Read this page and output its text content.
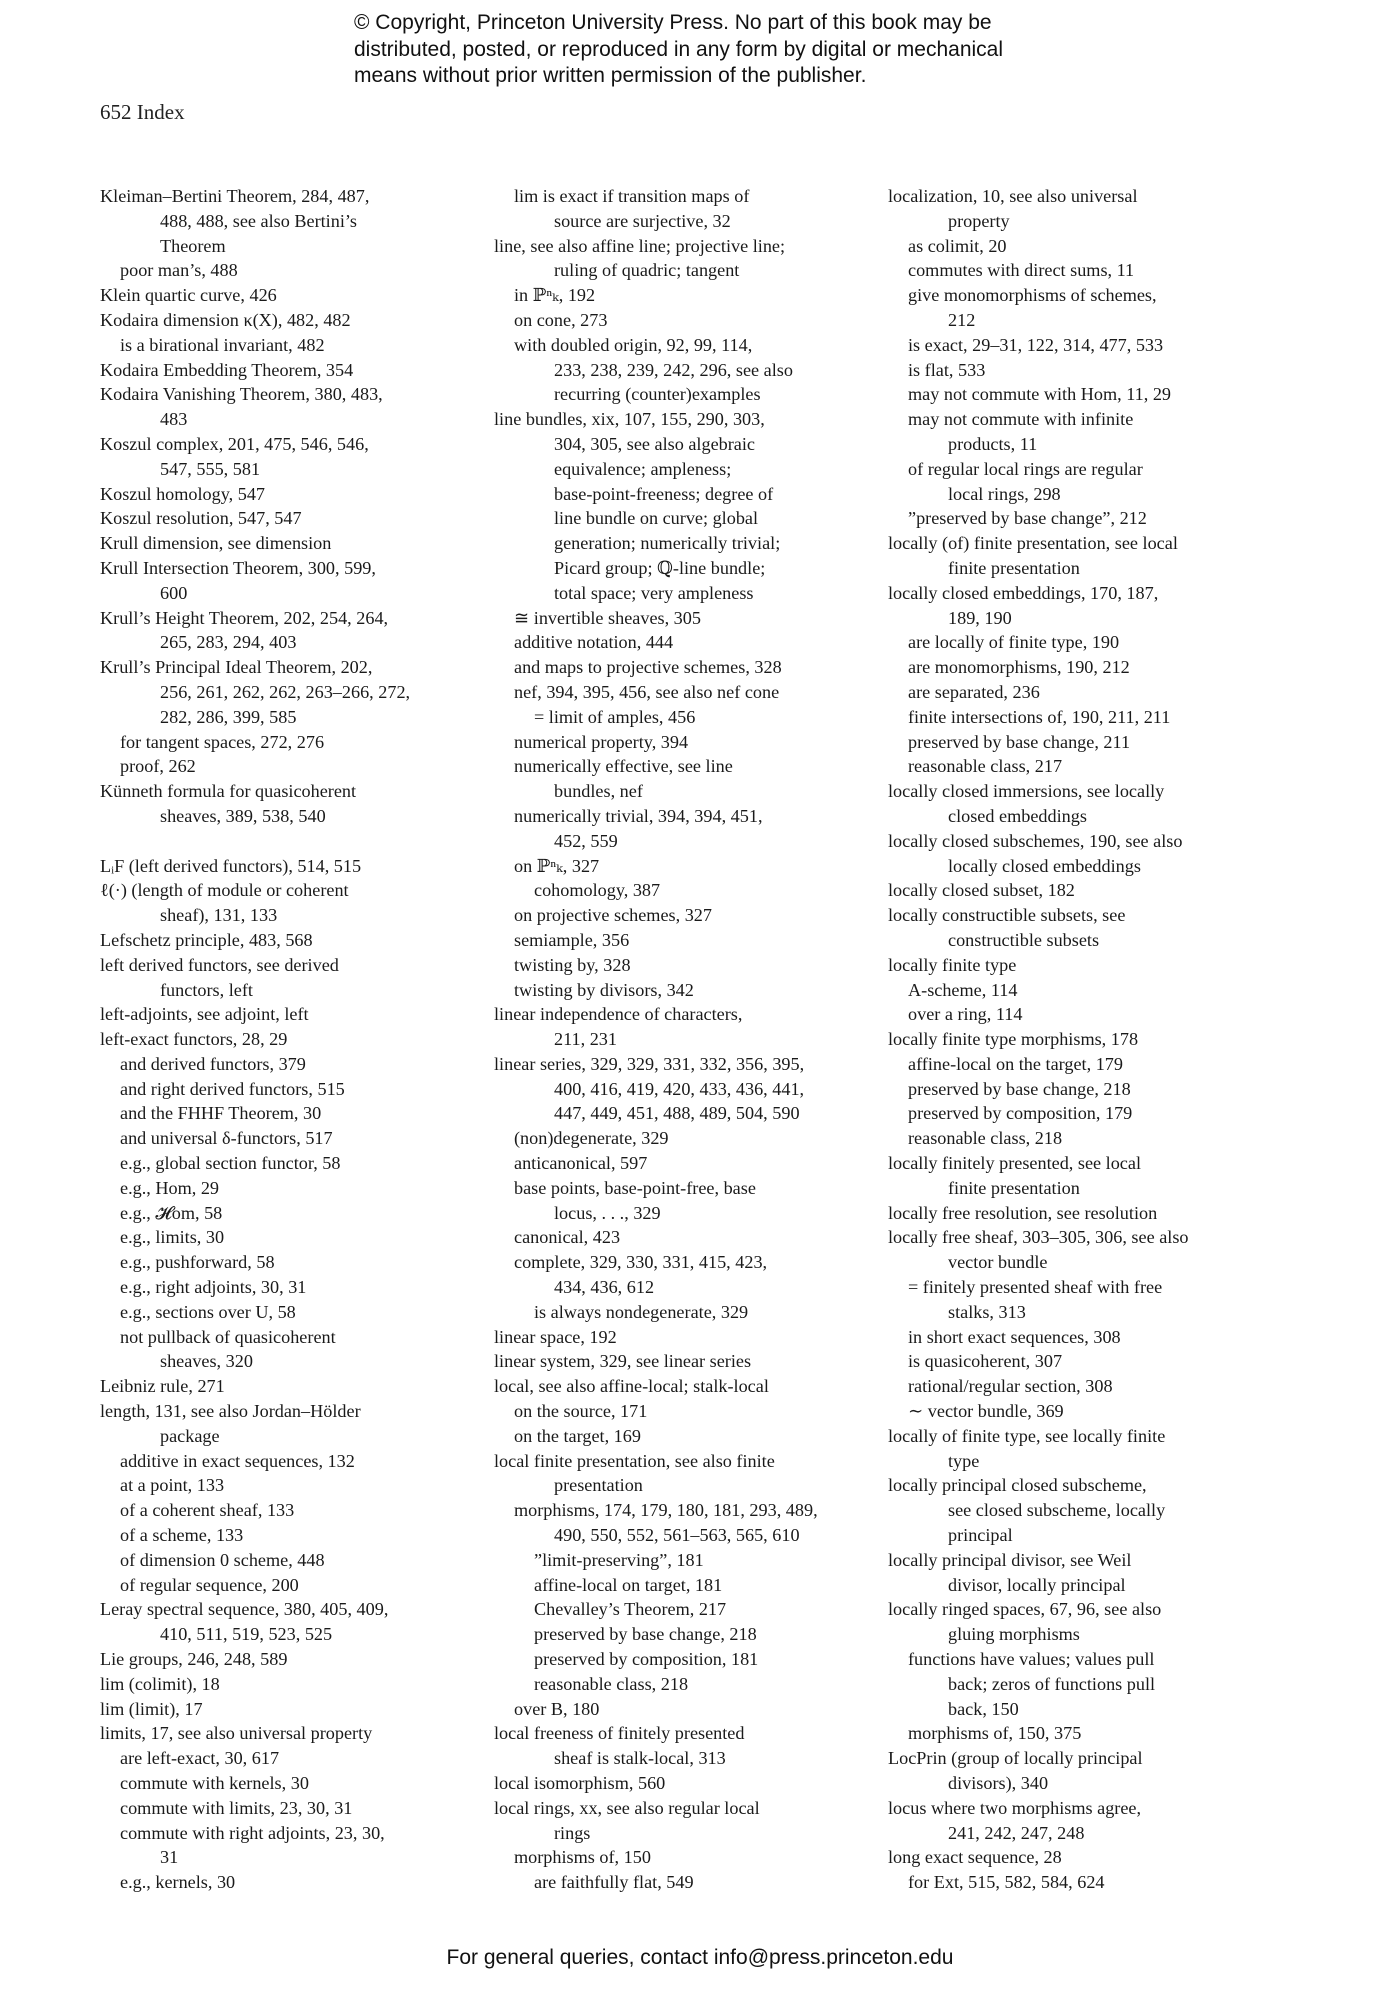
© Copyright, Princeton University Press. No part of this book may be
distributed, posted, or reproduced in any form by digital or mechanical
means without prior written permission of the publisher.
652 Index
Kleiman–Bertini Theorem, 284, 487,
488, 488, see also Bertini’s
Theorem
poor man’s, 488
Klein quartic curve, 426
Kodaira dimension κ(X), 482, 482
is a birational invariant, 482
Kodaira Embedding Theorem, 354
Kodaira Vanishing Theorem, 380, 483,
483
Koszul complex, 201, 475, 546, 546,
547, 555, 581
Koszul homology, 547
Koszul resolution, 547, 547
Krull dimension, see dimension
Krull Intersection Theorem, 300, 599,
600
Krull’s Height Theorem, 202, 254, 264,
265, 283, 294, 403
Krull’s Principal Ideal Theorem, 202,
256, 261, 262, 262, 263–266, 272,
282, 286, 399, 585
for tangent spaces, 272, 276
proof, 262
Künneth formula for quasicoherent
sheaves, 389, 538, 540
LᵢF (left derived functors), 514, 515
ℓ(·) (length of module or coherent
sheaf), 131, 133
Lefschetz principle, 483, 568
left derived functors, see derived
functors, left
left-adjoints, see adjoint, left
left-exact functors, 28, 29
and derived functors, 379
and right derived functors, 515
and the FHHF Theorem, 30
and universal δ-functors, 517
e.g., global section functor, 58
e.g., Hom, 29
e.g., 𝓗om, 58
e.g., limits, 30
e.g., pushforward, 58
e.g., right adjoints, 30, 31
e.g., sections over U, 58
not pullback of quasicoherent
sheaves, 320
Leibniz rule, 271
length, 131, see also Jordan–Hölder
package
additive in exact sequences, 132
at a point, 133
of a coherent sheaf, 133
of a scheme, 133
of dimension 0 scheme, 448
of regular sequence, 200
Leray spectral sequence, 380, 405, 409,
410, 511, 519, 523, 525
Lie groups, 246, 248, 589
lim (colimit), 18
lim (limit), 17
limits, 17, see also universal property
are left-exact, 30, 617
commute with kernels, 30
commute with limits, 23, 30, 31
commute with right adjoints, 23, 30,
31
e.g., kernels, 30
lim is exact if transition maps of
source are surjective, 32
line, see also affine line; projective line;
ruling of quadric; tangent
in ℙⁿₖ, 192
on cone, 273
with doubled origin, 92, 99, 114,
233, 238, 239, 242, 296, see also
recurring (counter)examples
line bundles, xix, 107, 155, 290, 303,
304, 305, see also algebraic
equivalence; ampleness;
base-point-freeness; degree of
line bundle on curve; global
generation; numerically trivial;
Picard group; ℚ-line bundle;
total space; very ampleness
≅ invertible sheaves, 305
additive notation, 444
and maps to projective schemes, 328
nef, 394, 395, 456, see also nef cone
= limit of amples, 456
numerical property, 394
numerically effective, see line
bundles, nef
numerically trivial, 394, 394, 451,
452, 559
on ℙⁿₖ, 327
cohomology, 387
on projective schemes, 327
semiample, 356
twisting by, 328
twisting by divisors, 342
linear independence of characters,
211, 231
linear series, 329, 329, 331, 332, 356, 395,
400, 416, 419, 420, 433, 436, 441,
447, 449, 451, 488, 489, 504, 590
(non)degenerate, 329
anticanonical, 597
base points, base-point-free, base
locus, . . ., 329
canonical, 423
complete, 329, 330, 331, 415, 423,
434, 436, 612
is always nondegenerate, 329
linear space, 192
linear system, 329, see linear series
local, see also affine-local; stalk-local
on the source, 171
on the target, 169
local finite presentation, see also finite
presentation
morphisms, 174, 179, 180, 181, 293, 489,
490, 550, 552, 561–563, 565, 610
”limit-preserving”, 181
affine-local on target, 181
Chevalley’s Theorem, 217
preserved by base change, 218
preserved by composition, 181
reasonable class, 218
over B, 180
local freeness of finitely presented
sheaf is stalk-local, 313
local isomorphism, 560
local rings, xx, see also regular local
rings
morphisms of, 150
are faithfully flat, 549
localization, 10, see also universal
property
as colimit, 20
commutes with direct sums, 11
give monomorphisms of schemes,
212
is exact, 29–31, 122, 314, 477, 533
is flat, 533
may not commute with Hom, 11, 29
may not commute with infinite
products, 11
of regular local rings are regular
local rings, 298
”preserved by base change”, 212
locally (of) finite presentation, see local
finite presentation
locally closed embeddings, 170, 187,
189, 190
are locally of finite type, 190
are monomorphisms, 190, 212
are separated, 236
finite intersections of, 190, 211, 211
preserved by base change, 211
reasonable class, 217
locally closed immersions, see locally
closed embeddings
locally closed subschemes, 190, see also
locally closed embeddings
locally closed subset, 182
locally constructible subsets, see
constructible subsets
locally finite type
A-scheme, 114
over a ring, 114
locally finite type morphisms, 178
affine-local on the target, 179
preserved by base change, 218
preserved by composition, 179
reasonable class, 218
locally finitely presented, see local
finite presentation
locally free resolution, see resolution
locally free sheaf, 303–305, 306, see also
vector bundle
= finitely presented sheaf with free
stalks, 313
in short exact sequences, 308
is quasicoherent, 307
rational/regular section, 308
∼ vector bundle, 369
locally of finite type, see locally finite
type
locally principal closed subscheme,
see closed subscheme, locally
principal
locally principal divisor, see Weil
divisor, locally principal
locally ringed spaces, 67, 96, see also
gluing morphisms
functions have values; values pull
back; zeros of functions pull
back, 150
morphisms of, 150, 375
LocPrin (group of locally principal
divisors), 340
locus where two morphisms agree,
241, 242, 247, 248
long exact sequence, 28
for Ext, 515, 582, 584, 624
For general queries, contact info@press.princeton.edu
